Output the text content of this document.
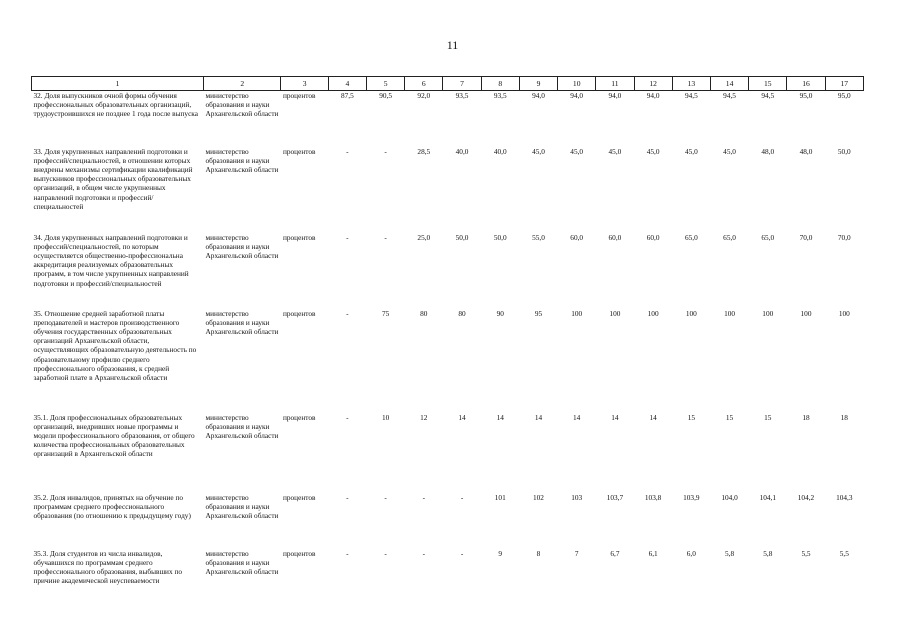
11
1	2	3	4	5	6	7	8	9	10	11	12	13	14	15	16	17
32. Доля выпускников очной формы обучения профессиональных образовательных организаций, трудоустроившихся не позднее 1 года после выпуска	министерство образования и науки Архангельской области	процентов	87,5	90,5	92,0	93,5	93,5	94,0	94,0	94,0	94,0	94,5	94,5	94,5	95,0	95,0
33. Доля укрупненных направлений подготовки и профессий/специальностей, в отношении которых внедрены механизмы сертификации квалификаций выпускников профессиональных образовательных организаций, в общем числе укрупненных направлений подготовки и профессий/специальностей	министерство образования и науки Архангельской области	процентов	-	-	28,5	40,0	40,0	45,0	45,0	45,0	45,0	45,0	45,0	48,0	48,0	50,0
34. Доля укрупненных направлений подготовки и профессий/специальностей, по которым осуществляется общественно-профессиональна аккредитация реализуемых образовательных программ, в том числе укрупненных направлений подготовки и профессий/специальностей	министерство образования и науки Архангельской области	процентов	-	-	25,0	50,0	50,0	55,0	60,0	60,0	60,0	65,0	65,0	65,0	70,0	70,0
35. Отношение средней заработной платы преподавателей и мастеров производственного обучения государственных образовательных организаций Архангельской области, осуществляющих образовательную деятельность по образовательному профилю среднего профессионального образования, к средней заработной плате в Архангельской области	министерство образования и науки Архангельской области	процентов	-	75	80	80	90	95	100	100	100	100	100	100	100	100
35.1. Доля профессиональных образовательных организаций, внедривших новые программы и модели профессионального образования, от общего количества профессиональных образовательных организаций в Архангельской области	министерство образования и науки Архангельской области	процентов	-	10	12	14	14	14	14	14	14	15	15	15	18	18
35.2. Доля инвалидов, принятых на обучение по программам среднего профессионального образования (по отношению к предыдущему году)	министерство образования и науки Архангельской области	процентов	-	-	-	-	101	102	103	103,7	103,8	103,9	104,0	104,1	104,2	104,3
35.3. Доля студентов из числа инвалидов, обучавшихся по программам среднего профессионального образования, выбывших по причине академической неуспеваемости	министерство образования и науки Архангельской области	процентов	-	-	-	-	9	8	7	6,7	6,1	6,0	5,8	5,8	5,5	5,5
